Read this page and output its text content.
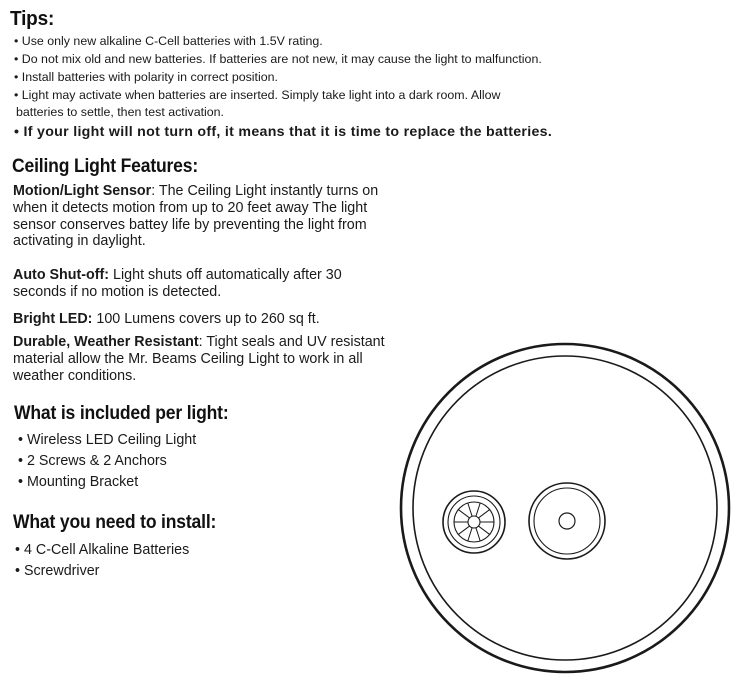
Tips:
• Use only new alkaline C-Cell batteries with 1.5V rating.
• Do not mix old and new batteries. If batteries are not new, it may cause the light to malfunction.
• Install batteries with polarity in correct position.
• Light may activate when batteries are inserted. Simply take light into a dark room. Allow
batteries to settle, then test activation.
• If your light will not turn off, it means that it is time to replace the batteries.
Ceiling Light Features:
Motion/Light Sensor: The Ceiling Light instantly turns on
when it detects motion from up to 20 feet away The light
sensor conserves battey life by preventing the light from
activating in daylight.
Auto Shut-off: Light shuts off automatically after 30
seconds if no motion is detected.
Bright LED: 100 Lumens covers up to 260 sq ft.
Durable, Weather Resistant: Tight seals and UV resistant
material allow the Mr. Beams Ceiling Light to work in all
weather conditions.
What is included per light:
• Wireless LED Ceiling Light
• 2 Screws & 2 Anchors
• Mounting Bracket
What you need to install:
• 4 C-Cell Alkaline Batteries
• Screwdriver
